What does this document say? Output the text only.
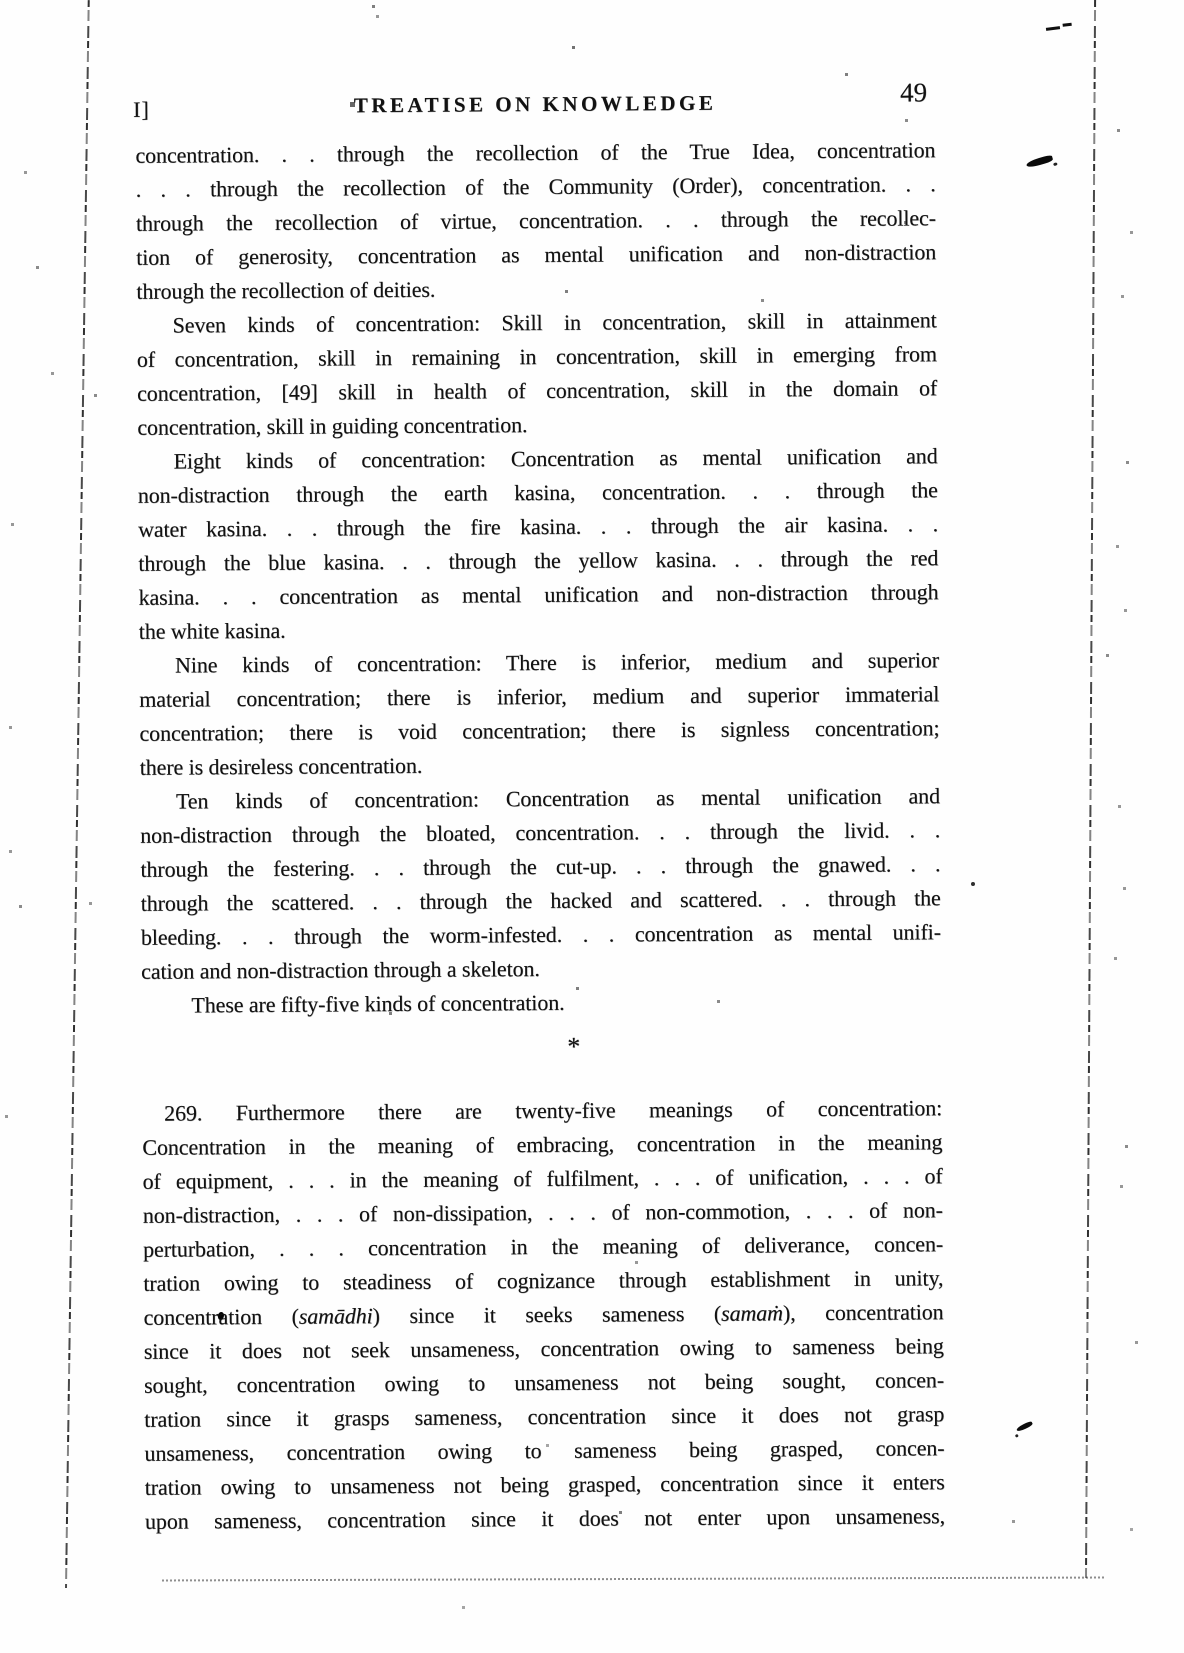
I]	TREATISE ON KNOWLEDGE	49
concentration. . . through the recollection of the True Idea, concentration
. . . through the recollection of the Community (Order), concentration. . .
through the recollection of virtue, concentration. . . through the recollec-
tion of generosity, concentration as mental unification and non-distraction
through the recollection of deities.
Seven kinds of concentration: Skill in concentration, skill in attainment
of concentration, skill in remaining in concentration, skill in emerging from
concentration, [49] skill in health of concentration, skill in the domain of
concentration, skill in guiding concentration.
Eight kinds of concentration: Concentration as mental unification and
non-distraction through the earth kasina, concentration. . . through the
water kasina. . . through the fire kasina. . . through the air kasina. . .
through the blue kasina. . . through the yellow kasina. . . through the red
kasina. . . concentration as mental unification and non-distraction through
the white kasina.
Nine kinds of concentration: There is inferior, medium and superior
material concentration; there is inferior, medium and superior immaterial
concentration; there is void concentration; there is signless concentration;
there is desireless concentration.
Ten kinds of concentration: Concentration as mental unification and
non-distraction through the bloated, concentration. . . through the livid. . .
through the festering. . . through the cut-up. . . through the gnawed. . .
through the scattered. . . through the hacked and scattered. . . through the
bleeding. . . through the worm-infested. . . concentration as mental unifi-
cation and non-distraction through a skeleton.
These are fifty-five kinds of concentration.
*
269. Furthermore there are twenty-five meanings of concentration:
Concentration in the meaning of embracing, concentration in the meaning
of equipment, . . . in the meaning of fulfilment, . . . of unification, . . . of
non-distraction, . . . of non-dissipation, . . . of non-commotion, . . . of non-
perturbation, . . . concentration in the meaning of deliverance, concen-
tration owing to steadiness of cognizance through establishment in unity,
concentration (samādhi) since it seeks sameness (samaṁ), concentration
since it does not seek unsameness, concentration owing to sameness being
sought, concentration owing to unsameness not being sought, concen-
tration since it grasps sameness, concentration since it does not grasp
unsameness, concentration owing to sameness being grasped, concen-
tration owing to unsameness not being grasped, concentration since it enters
upon sameness, concentration since it does not enter upon unsameness,
